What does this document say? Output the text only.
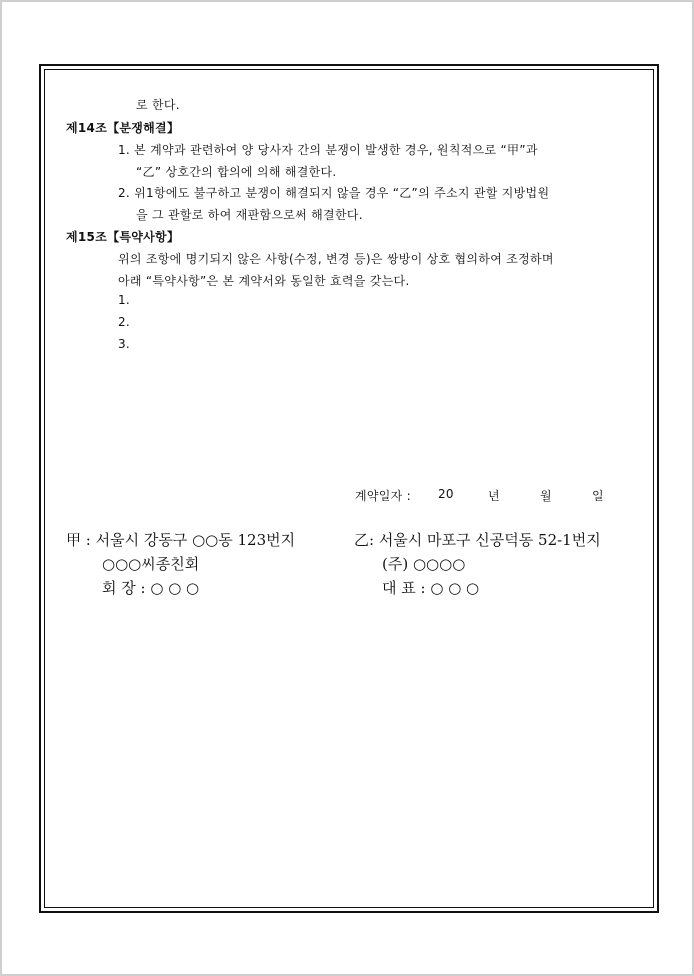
로 한다.
제14조【분쟁해결】
1. 본 계약과 관련하여 양 당사자 간의 분쟁이 발생한 경우, 원칙적으로 “甲”과
“乙” 상호간의 합의에 의해 해결한다.
2. 위1항에도 불구하고 분쟁이 해결되지 않을 경우 “乙”의 주소지 관할 지방법원
을 그 관할로 하여 재판함으로써 해결한다.
제15조【특약사항】
위의 조항에 명기되지 않은 사항(수정, 변경 등)은 쌍방이 상호 협의하여 조정하며
아래 “특약사항”은 본 계약서와 동일한 효력을 갖는다.
1.
2.
3.
계약일자 : 20	년	월	일
甲 : 서울시 강동구 ○○동 123번지
○○○씨종친회
회 장 : ○ ○ ○
乙: 서울시 마포구 신공덕동 52-1번지
(주) ○○○○
대 표 : ○ ○ ○
